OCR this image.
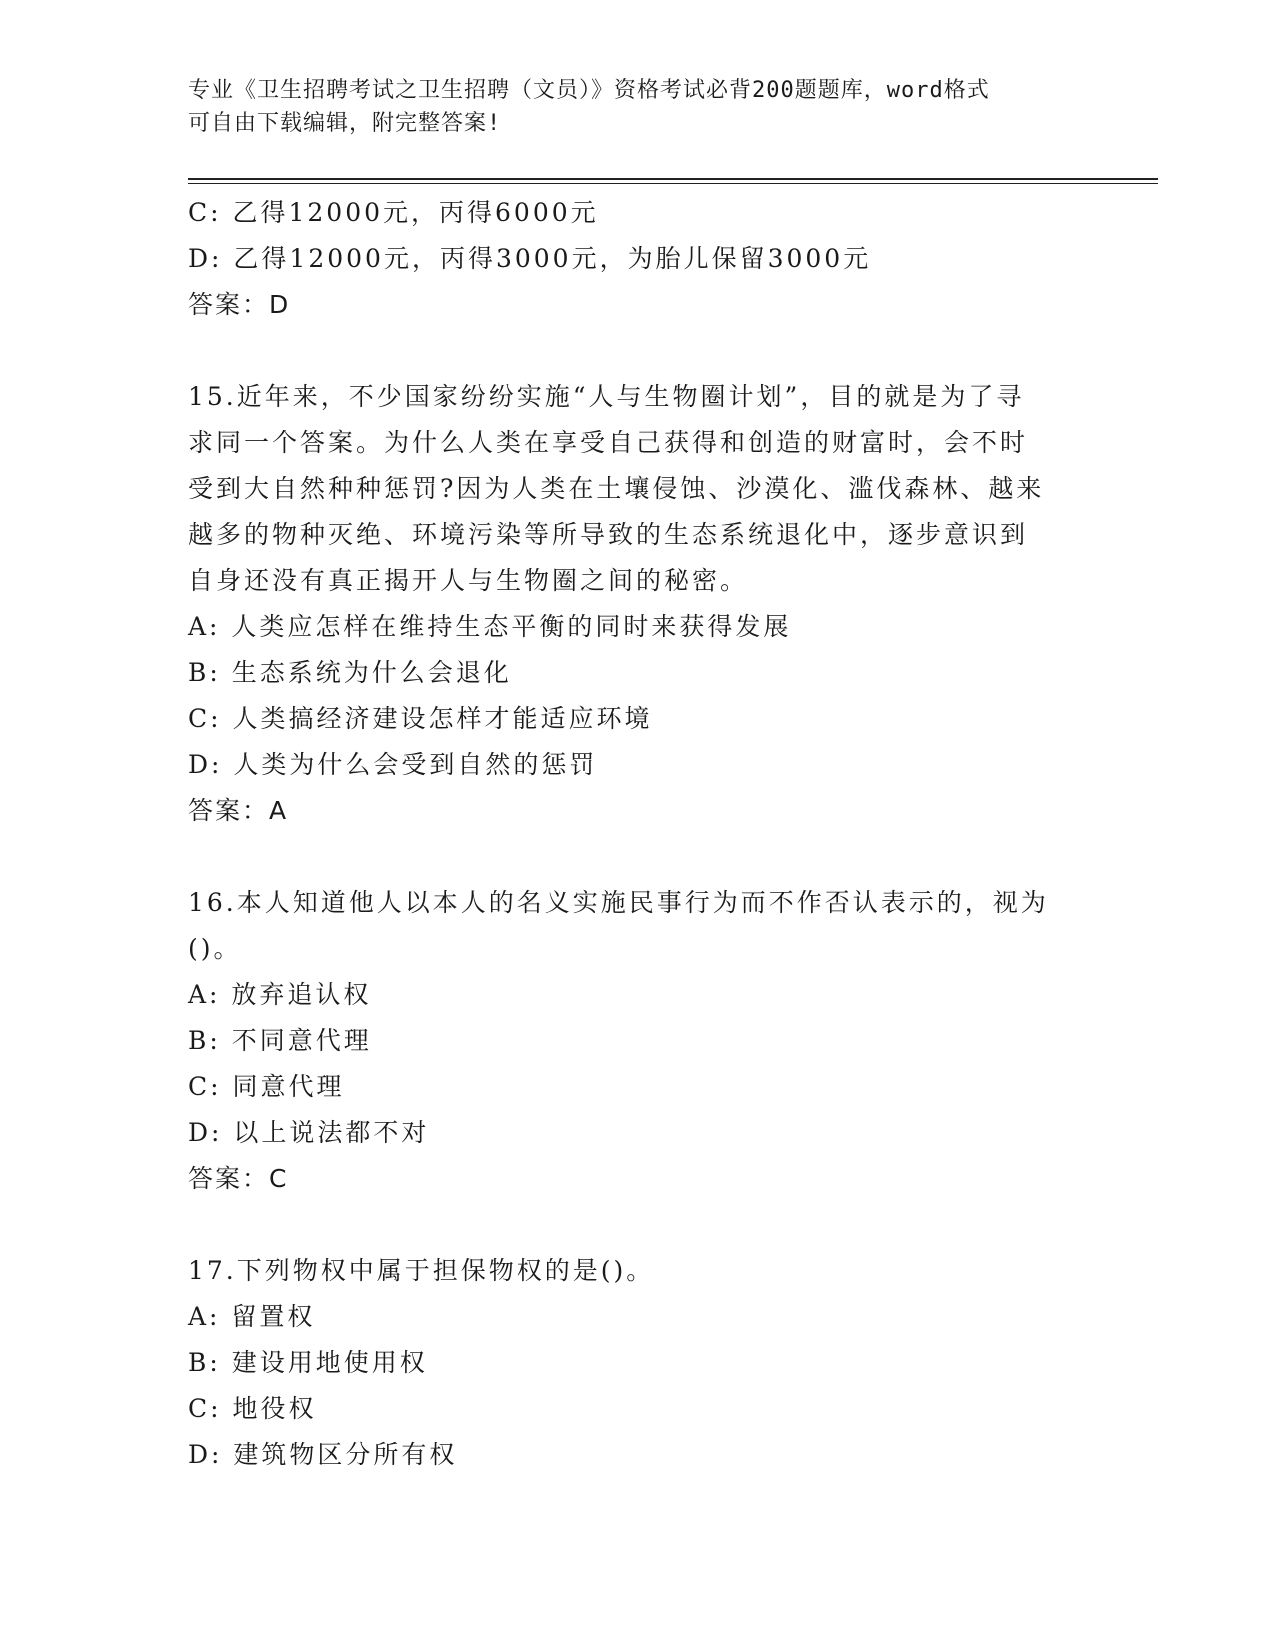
专业《卫生招聘考试之卫生招聘（文员）》资格考试必背200题题库，word格式
可自由下载编辑，附完整答案!
C: 乙得12000元，丙得6000元
D: 乙得12000元，丙得3000元，为胎儿保留3000元
答案：D
15.近年来，不少国家纷纷实施“人与生物圈计划”，目的就是为了寻
求同一个答案。为什么人类在享受自己获得和创造的财富时，会不时
受到大自然种种惩罚?因为人类在土壤侵蚀、沙漠化、滥伐森林、越来
越多的物种灭绝、环境污染等所导致的生态系统退化中，逐步意识到
自身还没有真正揭开人与生物圈之间的秘密。
A: 人类应怎样在维持生态平衡的同时来获得发展
B: 生态系统为什么会退化
C: 人类搞经济建设怎样才能适应环境
D: 人类为什么会受到自然的惩罚
答案：A
16.本人知道他人以本人的名义实施民事行为而不作否认表示的，视为
()。
A: 放弃追认权
B: 不同意代理
C: 同意代理
D: 以上说法都不对
答案：C
17.下列物权中属于担保物权的是()。
A: 留置权
B: 建设用地使用权
C: 地役权
D: 建筑物区分所有权
